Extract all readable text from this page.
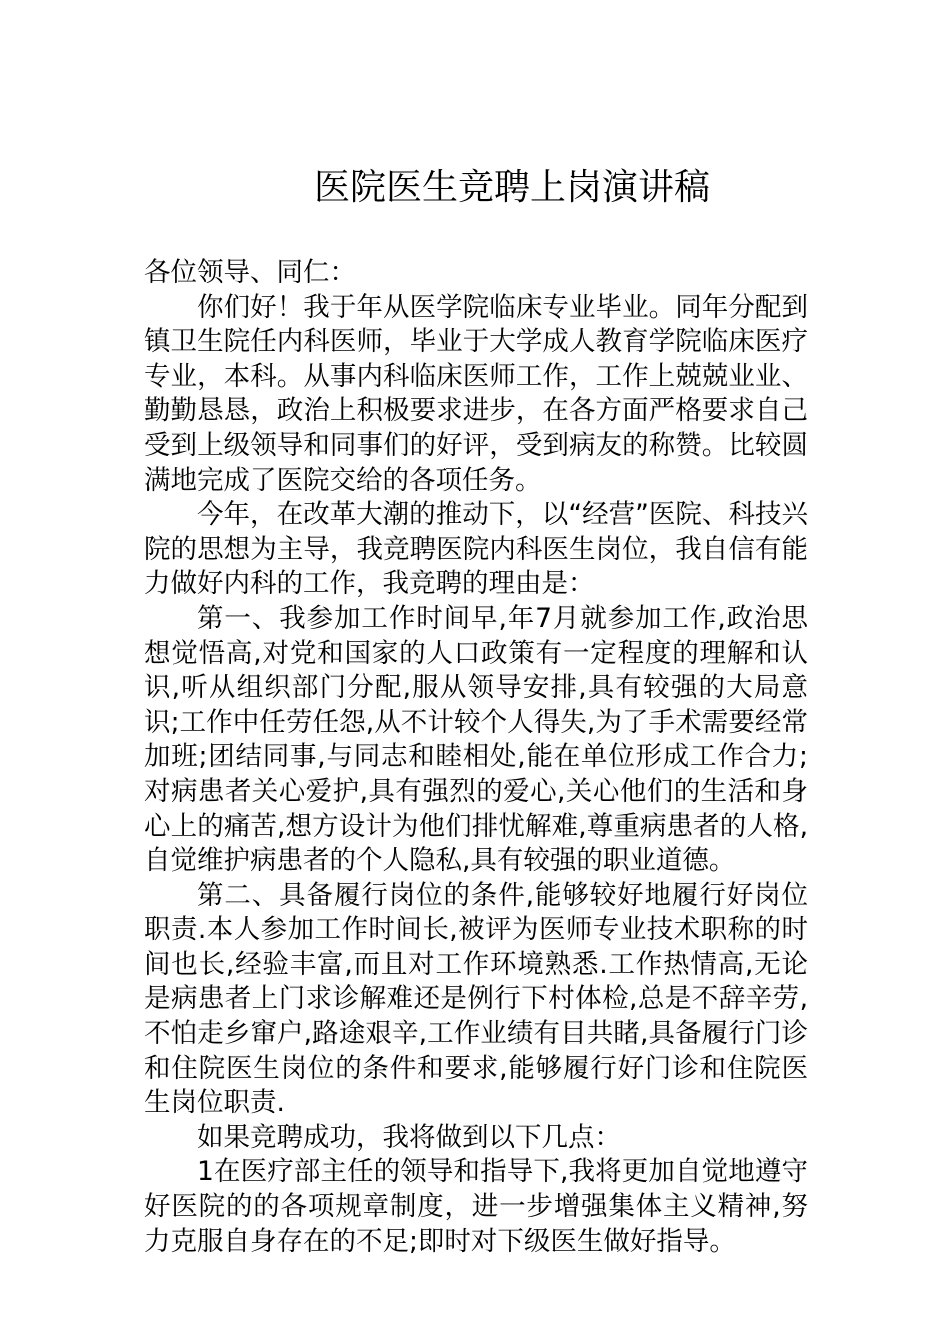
医院医生竞聘上岗演讲稿

各位领导、同仁：

你们好！我于年从医学院临床专业毕业。同年分配到镇卫生院任内科医师，毕业于大学成人教育学院临床医疗专业，本科。从事内科临床医师工作，工作上兢兢业业、勤勤恳恳，政治上积极要求进步，在各方面严格要求自己受到上级领导和同事们的好评，受到病友的称赞。比较圆满地完成了医院交给的各项任务。

今年，在改革大潮的推动下，以“经营”医院、科技兴院的思想为主导，我竞聘医院内科医生岗位，我自信有能力做好内科的工作，我竞聘的理由是：

第一、我参加工作时间早,年7月就参加工作,政治思想觉悟高,对党和国家的人口政策有一定程度的理解和认识,听从组织部门分配,服从领导安排,具有较强的大局意识;工作中任劳任怨,从不计较个人得失,为了手术需要经常加班;团结同事,与同志和睦相处,能在单位形成工作合力;对病患者关心爱护,具有强烈的爱心,关心他们的生活和身心上的痛苦,想方设计为他们排忧解难,尊重病患者的人格,自觉维护病患者的个人隐私,具有较强的职业道德。

第二、具备履行岗位的条件,能够较好地履行好岗位职责.本人参加工作时间长,被评为医师专业技术职称的时间也长,经验丰富,而且对工作环境熟悉.工作热情高,无论是病患者上门求诊解难还是例行下村体检,总是不辞辛劳,不怕走乡窜户,路途艰辛,工作业绩有目共睹,具备履行门诊和住院医生岗位的条件和要求,能够履行好门诊和住院医生岗位职责.

如果竞聘成功，我将做到以下几点：

1在医疗部主任的领导和指导下,我将更加自觉地遵守好医院的的各项规章制度，进一步增强集体主义精神,努力克服自身存在的不足;即时对下级医生做好指导。
